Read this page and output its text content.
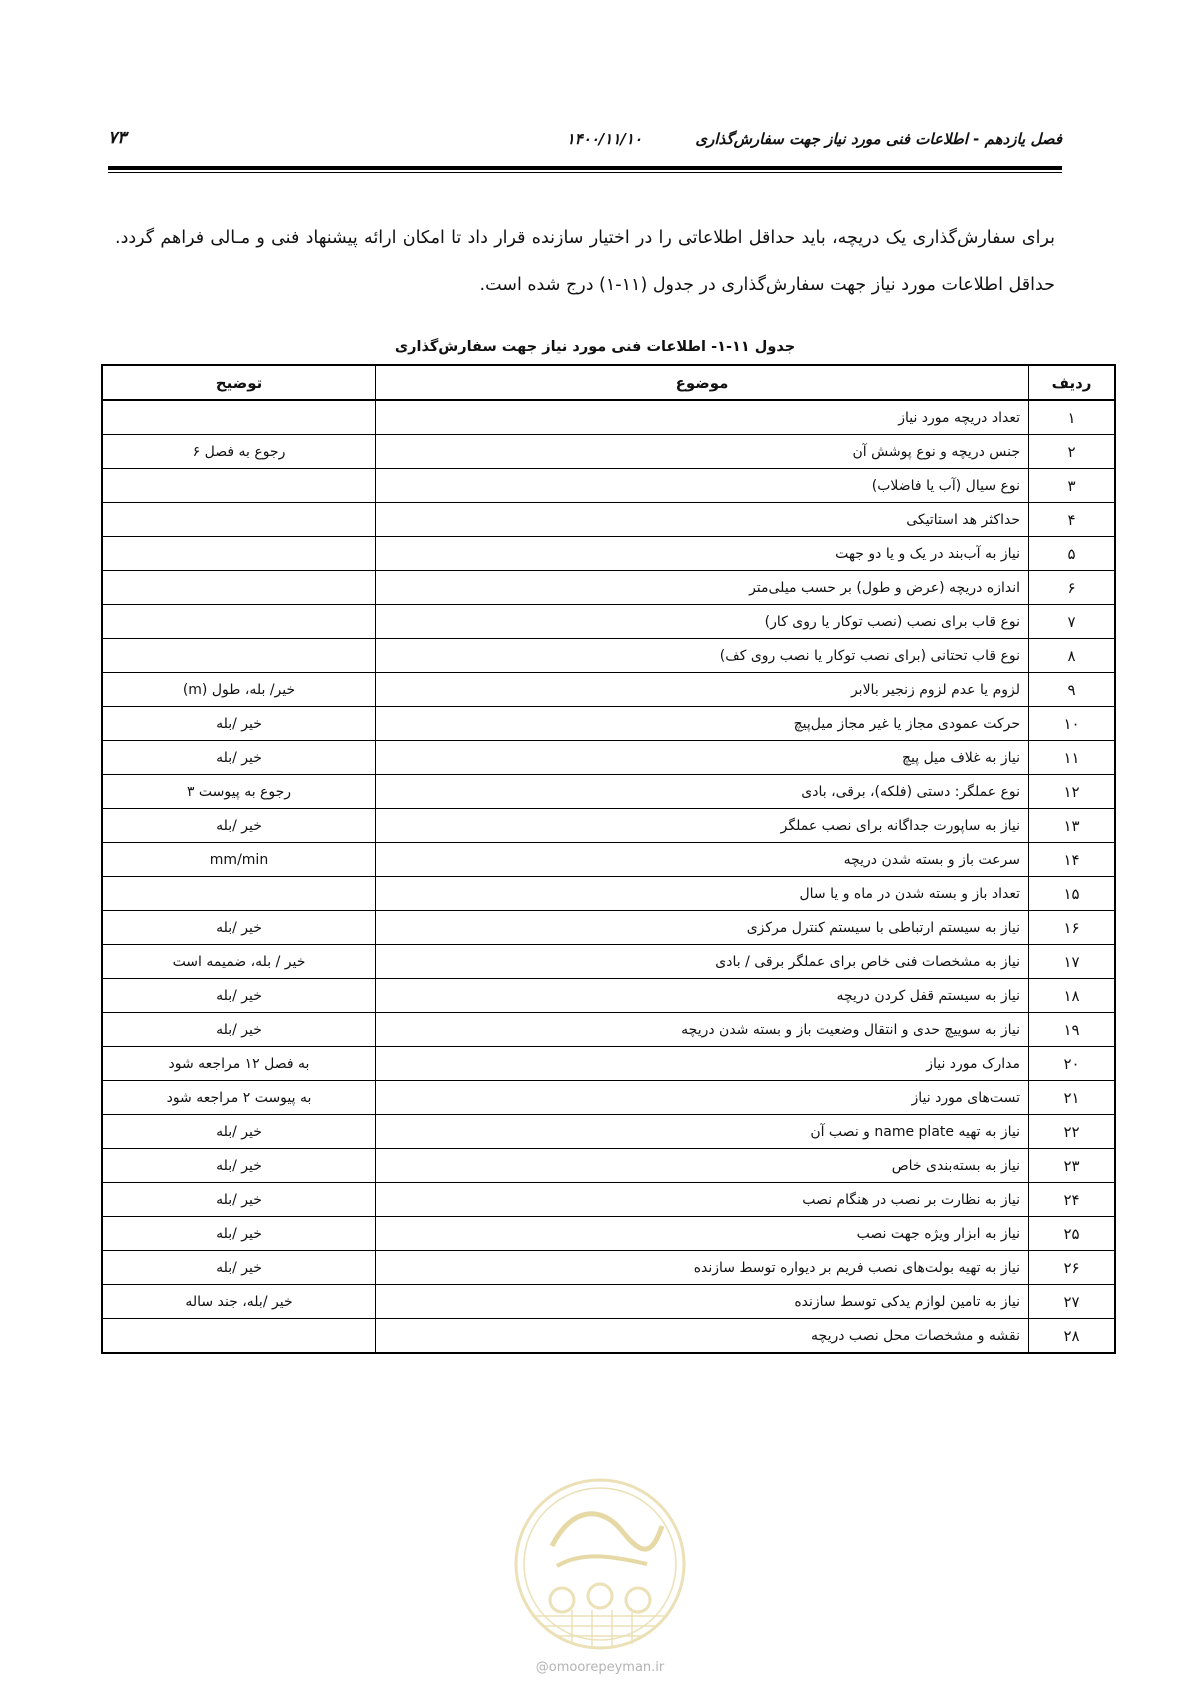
فصل یازدهم - اطلاعات فنی مورد نیاز جهت سفارش‌گذاری
۱۴۰۰/۱۱/۱۰
۷۳

برای سفارش‌گذاری یک دریچه، باید حداقل اطلاعاتی را در اختیار سازنده قرار داد تا امکان ارائه پیشنهاد فنی و مـالی فراهم گردد. حداقل اطلاعات مورد نیاز جهت سفارش‌گذاری در جدول (۱۱-۱) درج شده است.

جدول ۱۱-۱- اطلاعات فنی مورد نیاز جهت سفارش‌گذاری
ردیف	موضوع	توضیح
۱	تعداد دریچه مورد نیاز	
۲	جنس دریچه و نوع پوشش آن	رجوع به فصل ۶
۳	نوع سیال (آب یا فاضلاب)	
۴	حداکثر هد استاتیکی	
۵	نیاز به آب‌بند در یک و یا دو جهت	
۶	اندازه دریچه (عرض و طول) بر حسب میلی‌متر	
۷	نوع قاب برای نصب (نصب توکار یا روی کار)	
۸	نوع قاب تحتانی (برای نصب توکار یا نصب روی کف)	
۹	لزوم یا عدم لزوم زنجیر بالابر	خیر/ بله، طول (m)
۱۰	حرکت عمودی مجاز یا غیر مجاز میل‌پیچ	خیر /بله
۱۱	نیاز به غلاف میل پیچ	خیر /بله
۱۲	نوع عملگر: دستی (فلکه)، برقی، بادی	رجوع به پیوست ۳
۱۳	نیاز به ساپورت جداگانه برای نصب عملگر	خیر /بله
۱۴	سرعت باز و بسته شدن دریچه	mm/min
۱۵	تعداد باز و بسته شدن در ماه و یا سال	
۱۶	نیاز به سیستم ارتباطی با سیستم کنترل مرکزی	خیر /بله
۱۷	نیاز به مشخصات فنی خاص برای عملگر برقی / بادی	خیر / بله، ضمیمه است
۱۸	نیاز به سیستم قفل کردن دریچه	خیر /بله
۱۹	نیاز به سوییچ حدی و انتقال وضعیت باز و بسته شدن دریچه	خیر /بله
۲۰	مدارک مورد نیاز	به فصل ۱۲ مراجعه شود
۲۱	تست‌های مورد نیاز	به پیوست ۲ مراجعه شود
۲۲	نیاز به تهیه name plate و نصب آن	خیر /بله
۲۳	نیاز به بسته‌بندی خاص	خیر /بله
۲۴	نیاز به نظارت بر نصب در هنگام نصب	خیر /بله
۲۵	نیاز به ابزار ویژه جهت نصب	خیر /بله
۲۶	نیاز به تهیه بولت‌های نصب فریم بر دیواره توسط سازنده	خیر /بله
۲۷	نیاز به تامین لوازم یدکی توسط سازنده	خیر /بله، جند ساله
۲۸	نقشه و مشخصات محل نصب دریچه	
@omoorepeyman.ir
